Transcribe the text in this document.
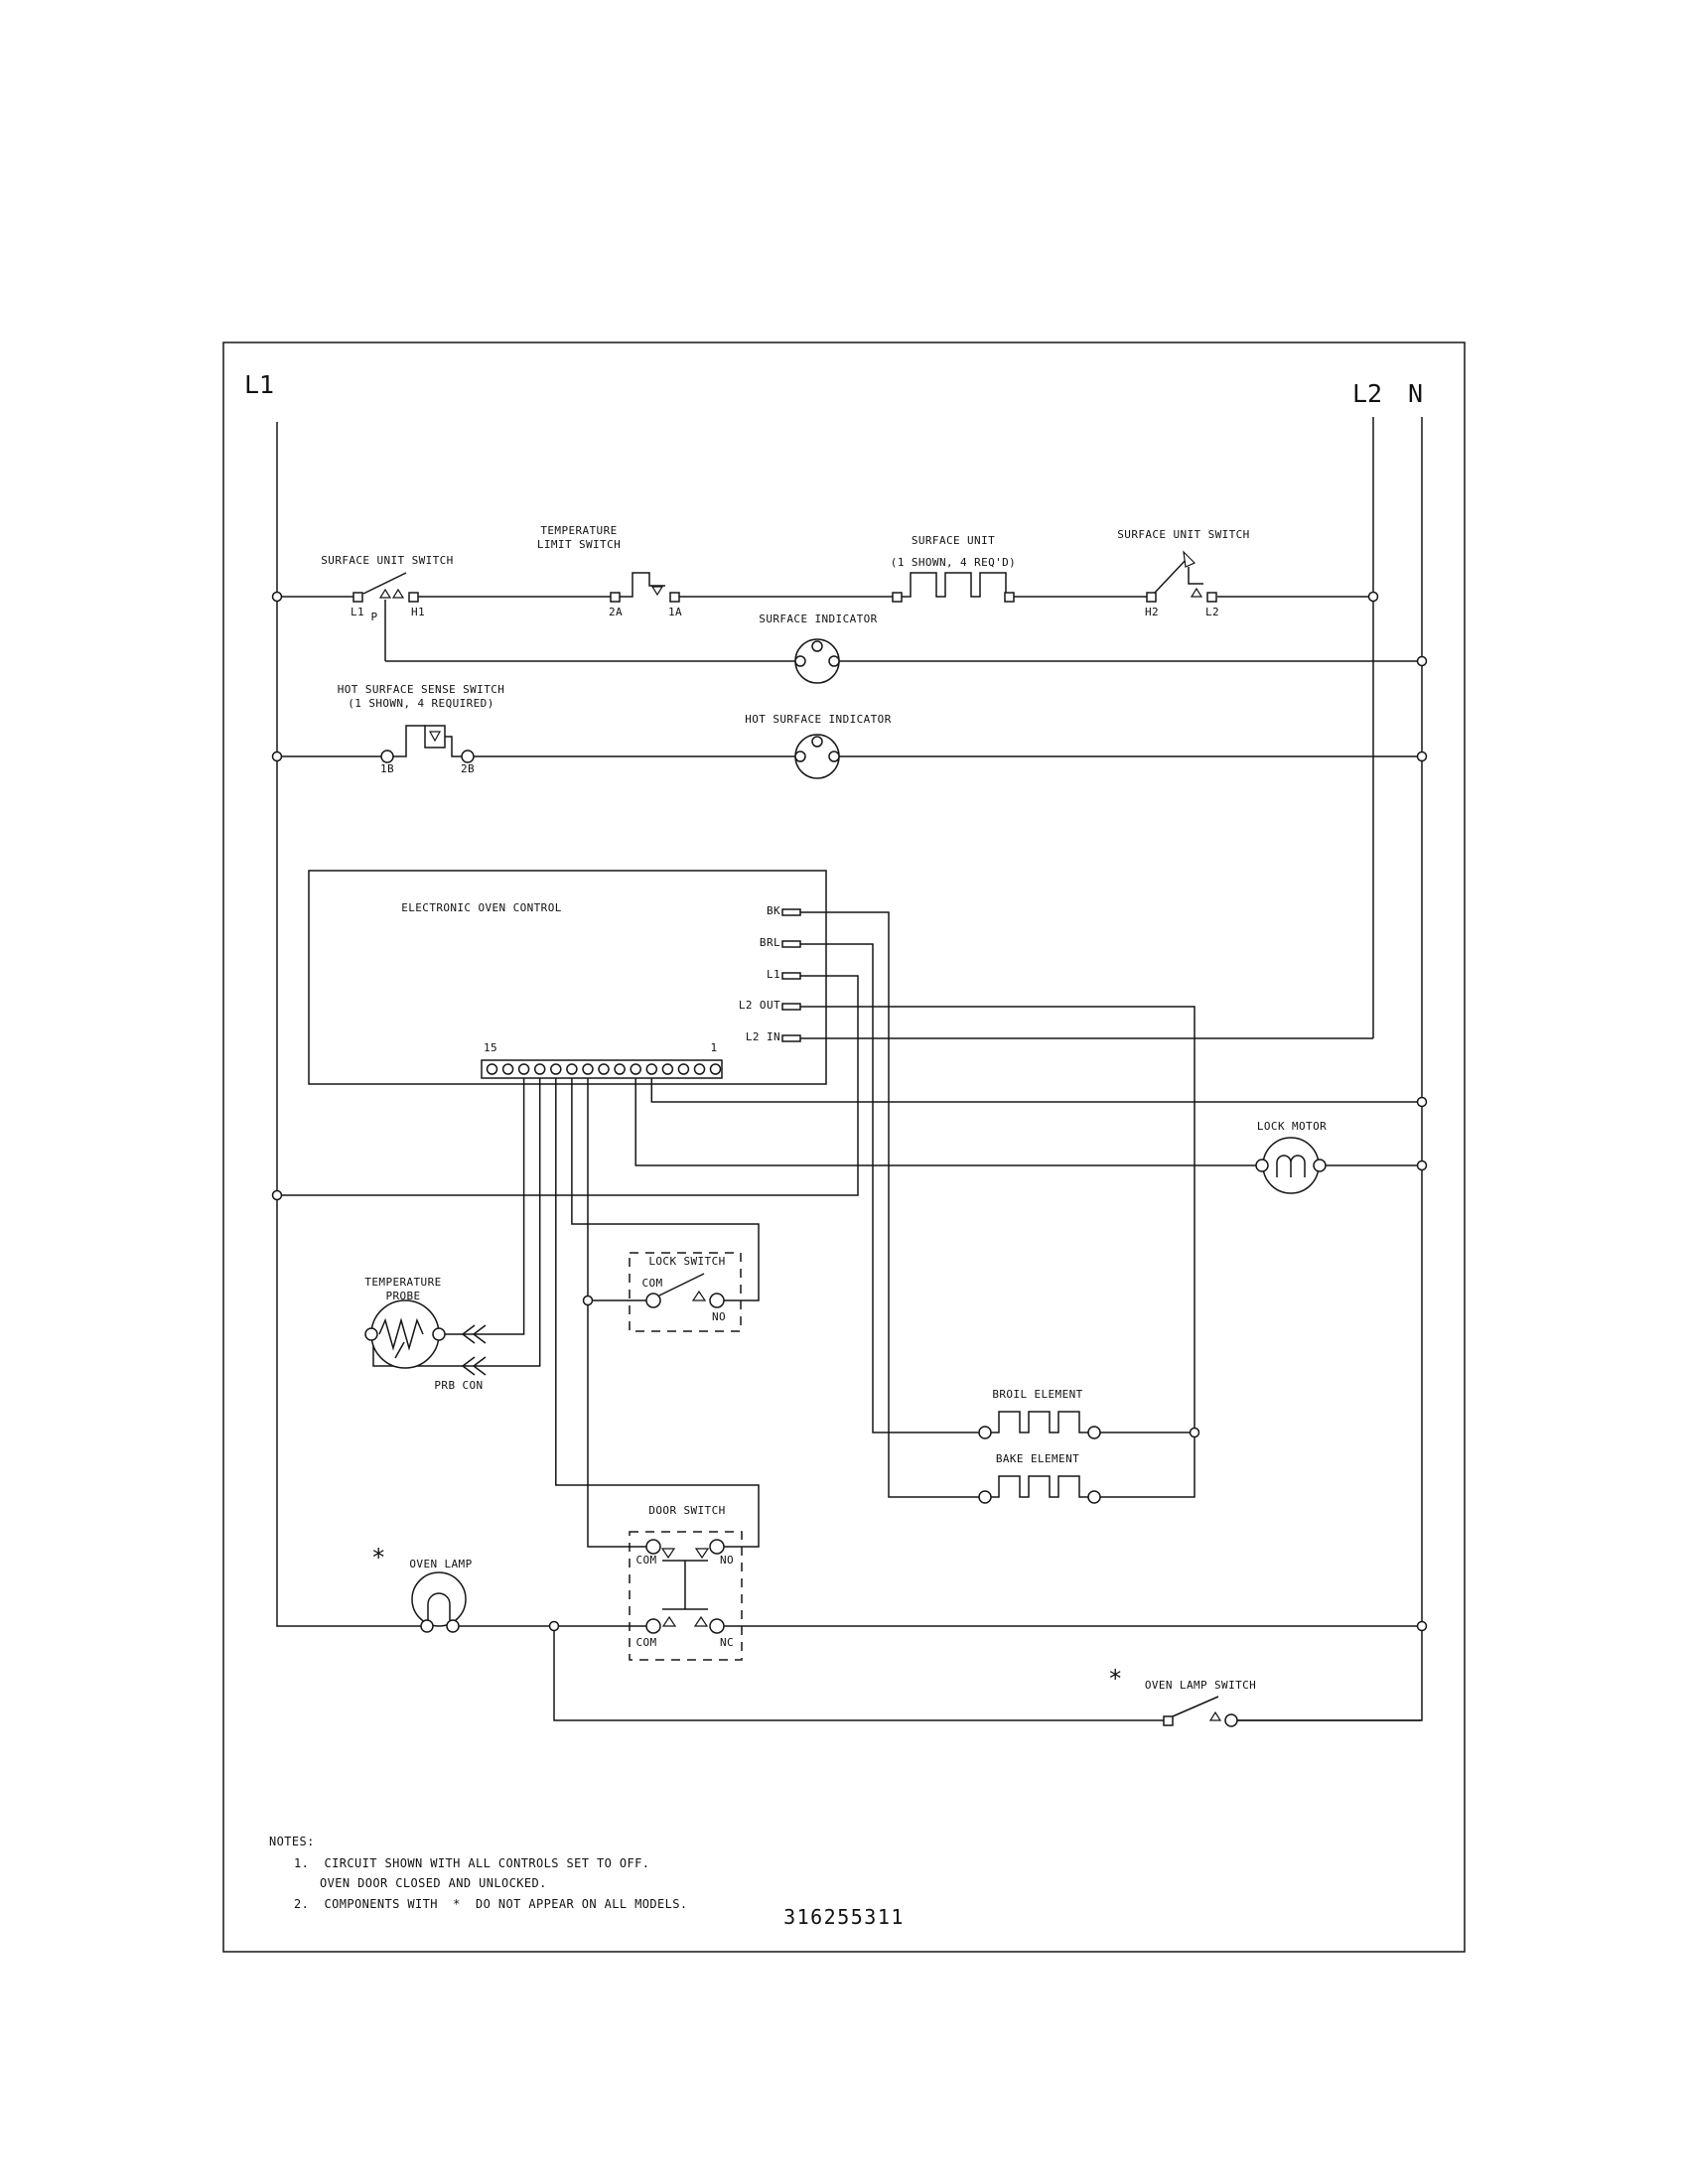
L1	L2 N
SURFACE UNIT SWITCH
L1 P	H1
TEMPERATURE
LIMIT SWITCH
2A	1A
SURFACE UNIT
(1 SHOWN, 4 REQ'D)
SURFACE UNIT SWITCH
H2	L2
SURFACE INDICATOR
HOT SURFACE SENSE SWITCH
(1 SHOWN, 4 REQUIRED)
1B	2B
HOT SURFACE INDICATOR
ELECTRONIC OVEN CONTROL	BK
BRL
L1
L2 OUT
L2 IN
15	1
LOCK MOTOR
TEMPERATURE
PROBE
PRB CON
LOCK SWITCH
COM
NO
BROIL ELEMENT
BAKE ELEMENT
DOOR SWITCH
COM	NO
COM	NC
* OVEN LAMP
* OVEN LAMP SWITCH
NOTES:
1.  CIRCUIT SHOWN WITH ALL CONTROLS SET TO OFF.
OVEN DOOR CLOSED AND UNLOCKED.
2.  COMPONENTS WITH  *  DO NOT APPEAR ON ALL MODELS.
316255311
